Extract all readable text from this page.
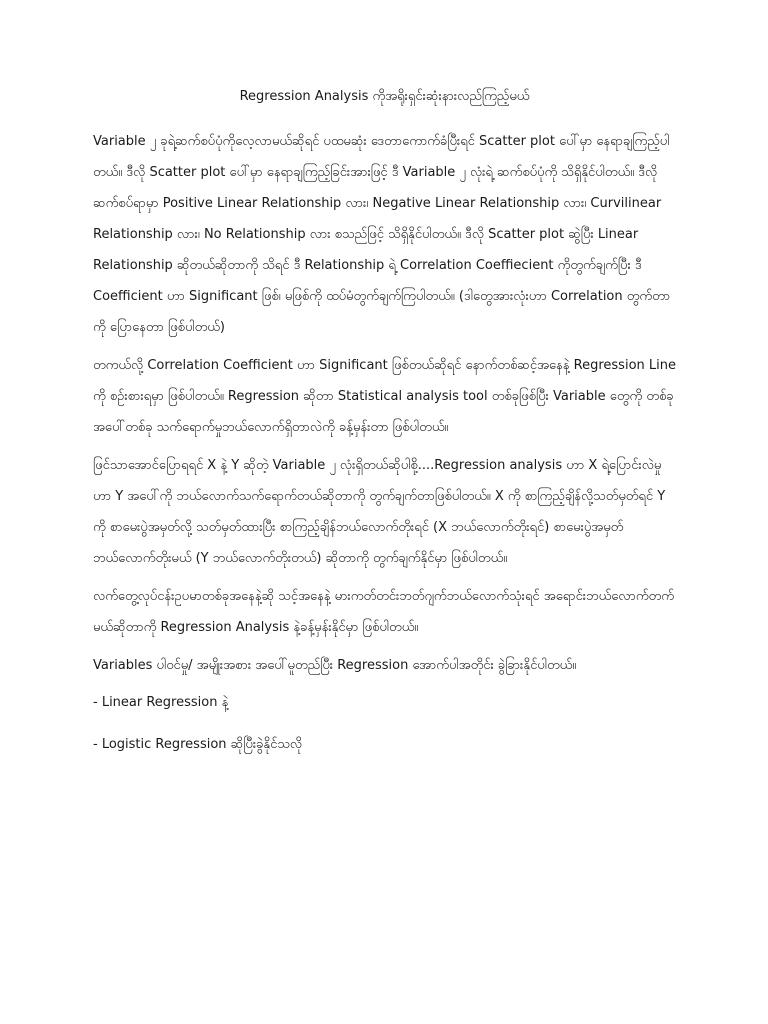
Regression Analysis ကိုအရိုးရှင်းဆုံးနားလည်ကြည့်မယ်

Variable ၂ ခုရဲ့ဆက်စပ်ပုံကိုလေ့လာမယ်ဆိုရင် ပထမဆုံး ဒေတာကောက်ခံပြီးရင် Scatter plot ပေါ်မှာ နေရာချကြည့်ပါတယ်။ ဒီလို Scatter plot ပေါ်မှာ နေရာချကြည့်ခြင်းအားဖြင့် ဒီ Variable ၂ လုံးရဲ့ ဆက်စပ်ပုံကို သိရှိနိုင်ပါတယ်။ ဒီလိုဆက်စပ်ရာမှာ Positive Linear Relationship လား၊ Negative Linear Relationship လား၊ Curvilinear Relationship လား၊ No Relationship လား စသည်ဖြင့် သိရှိနိုင်ပါတယ်။ ဒီလို Scatter plot ဆွဲပြီး Linear Relationship ဆိုတယ်ဆိုတာကို သိရင် ဒီ Relationship ရဲ့ Correlation Coeffiecient ကိုတွက်ချက်ပြီး ဒီ Coefficient ဟာ Significant ဖြစ်၊ မဖြစ်ကို ထပ်မံတွက်ချက်ကြပါတယ်။ (ဒါတွေအားလုံးဟာ Correlation တွက်တာကို ပြောနေတာ ဖြစ်ပါတယ်)

တကယ်လို့ Correlation Coefficient ဟာ Significant ဖြစ်တယ်ဆိုရင် နောက်တစ်ဆင့်အနေနဲ့ Regression Line ကို စဉ်းစားရမှာ ဖြစ်ပါတယ်။ Regression ဆိုတာ Statistical analysis tool တစ်ခုဖြစ်ပြီး Variable တွေကို တစ်ခုအပေါ်တစ်ခု သက်ရောက်မှုဘယ်လောက်ရှိတာလဲကို ခန့်မှန်းတာ ဖြစ်ပါတယ်။

ဖြင်သာအောင်ပြောရရင် X နဲ့ Y ဆိုတဲ့ Variable ၂ လုံးရှိတယ်ဆိုပါစို့....Regression analysis ဟာ X ရဲ့ပြောင်းလဲမှုဟာ Y အပေါ်ကို ဘယ်လောက်သက်ရောက်တယ်ဆိုတာကို တွက်ချက်တာဖြစ်ပါတယ်။ X ကို စာကြည့်ချိန်လို့သတ်မှတ်ရင် Y ကို စာမေးပွဲအမှတ်လို့ သတ်မှတ်ထားပြီး စာကြည့်ချိန်ဘယ်လောက်တိုးရင် (X ဘယ်လောက်တိုးရင်) စာမေးပွဲအမှတ် ဘယ်လောက်တိုးမယ် (Y ဘယ်လောက်တိုးတယ်) ဆိုတာကို တွက်ချက်နိုင်မှာ ဖြစ်ပါတယ်။

လက်တွေ့လုပ်ငန်းဥပမာတစ်ခုအနေနဲ့ဆို သင့်အနေနဲ့ မားကတ်တင်းဘတ်ဂျက်ဘယ်လောက်သုံးရင် အရောင်းဘယ်လောက်တက်မယ်ဆိုတာကို Regression Analysis နဲ့ခန့်မှန်းနိုင်မှာ ဖြစ်ပါတယ်။

Variables ပါဝင်မှု/ အမျိုးအစား အပေါ်မူတည်ပြီး Regression အောက်ပါအတိုင်း ခွဲခြားနိုင်ပါတယ်။

- Linear Regression နဲ့

- Logistic Regression ဆိုပြီးခွဲနိုင်သလို
